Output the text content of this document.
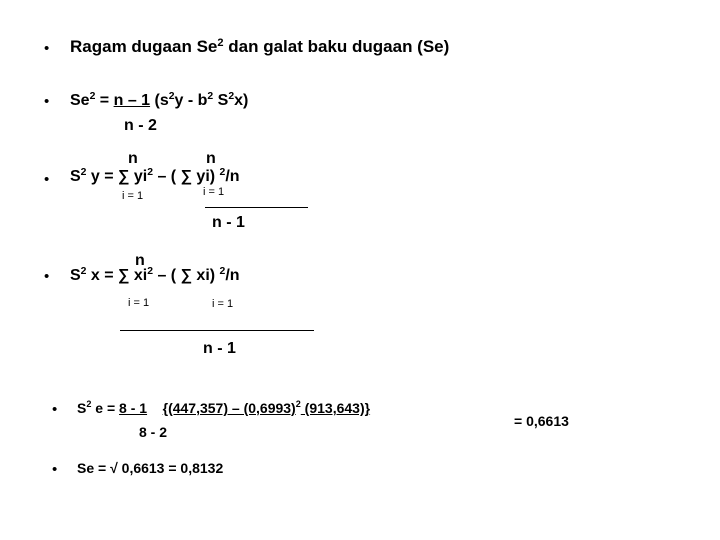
•
•
•
•
•
•
Ragam dugaan Se$^2$ dan galat baku dugaan (Se)
$Se^2 = n - 1$ ($s^2y - b^2$ $S^2x$)
n - 2
n	n
$S^2$ y = ∑ $yi^2$ – ( ∑ yi) $^2$/n
i = 1	i = 1
n - 1
n
$S^2$ x = ∑ $xi^2$ – ( ∑ xi) $^2$/n
i = 1	i = 1
n - 1
$S^2$ e = 8 - 1 {$(447,357) - (0,6993)^2$ (913,643)}
8 - 2
= 0,6613
Se = √ 0,6613 = 0,8132
